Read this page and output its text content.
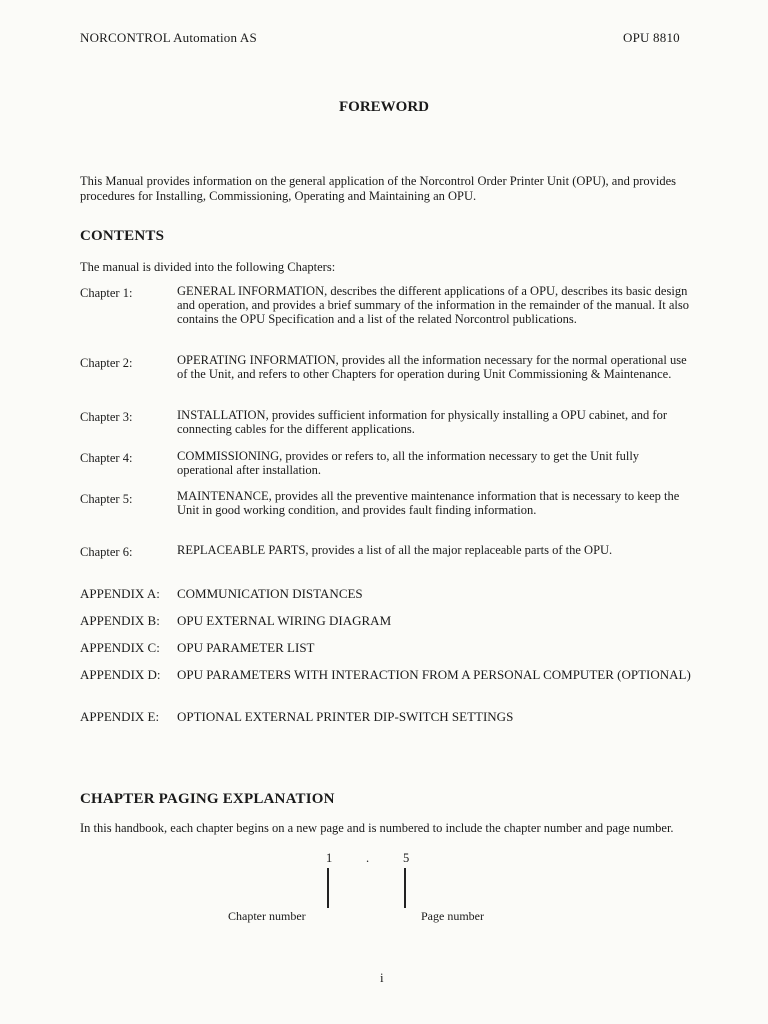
NORCONTROL Automation AS	OPU 8810
FOREWORD
This Manual provides information on the general application of the Norcontrol Order Printer Unit (OPU), and provides procedures for Installing, Commissioning, Operating and Maintaining an OPU.
CONTENTS
The manual is divided into the following Chapters:
Chapter 1:	GENERAL INFORMATION, describes the different applications of a OPU, describes its basic design and operation, and provides a brief summary of the information in the remainder of the manual. It also contains the OPU Specification and a list of the related Norcontrol publications.
Chapter 2:	OPERATING INFORMATION, provides all the information necessary for the normal operational use of the Unit, and refers to other Chapters for operation during Unit Commissioning & Maintenance.
Chapter 3:	INSTALLATION, provides sufficient information for physically installing a OPU cabinet, and for connecting cables for the different applications.
Chapter 4:	COMMISSIONING, provides or refers to, all the information necessary to get the Unit fully operational after installation.
Chapter 5:	MAINTENANCE, provides all the preventive maintenance information that is necessary to keep the Unit in good working condition, and provides fault finding information.
Chapter 6:	REPLACEABLE PARTS, provides a list of all the major replaceable parts of the OPU.
APPENDIX A: COMMUNICATION DISTANCES
APPENDIX B: OPU EXTERNAL WIRING DIAGRAM
APPENDIX C: OPU PARAMETER LIST
APPENDIX D: OPU PARAMETERS WITH INTERACTION FROM A PERSONAL COMPUTER (OPTIONAL)
APPENDIX E: OPTIONAL EXTERNAL PRINTER DIP-SWITCH SETTINGS
CHAPTER PAGING EXPLANATION
In this handbook, each chapter begins on a new page and is numbered to include the chapter number and page number.
1	.	5
Chapter number	Page number
i
